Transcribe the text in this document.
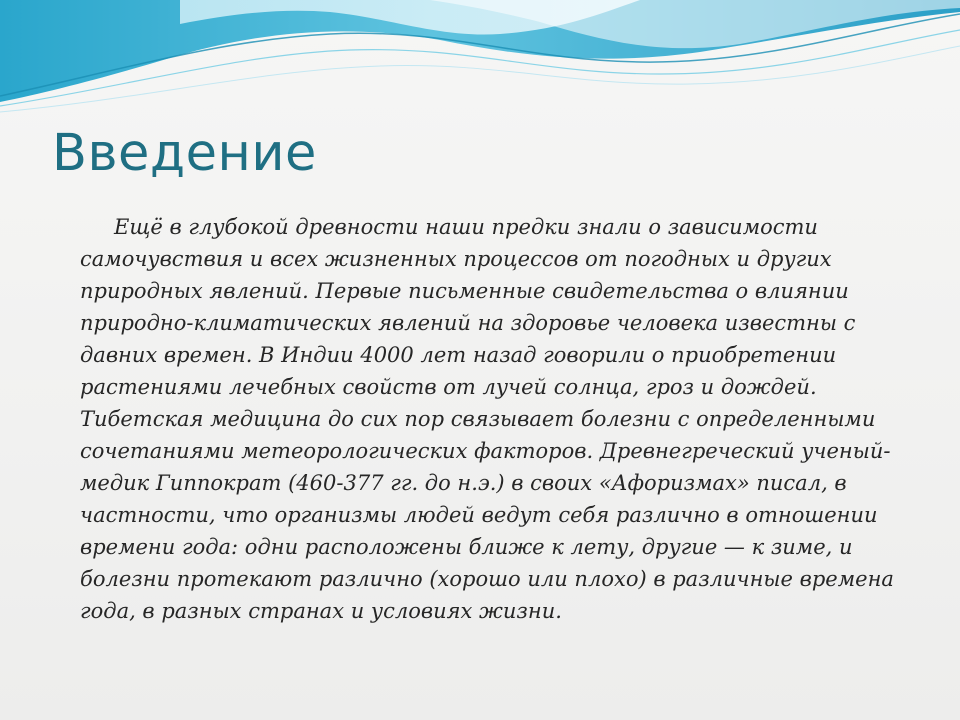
Введение

Ещё в глубокой древности наши предки знали о зависимости самочувствия и всех жизненных процессов от погодных и других природных явлений. Первые письменные свидетельства о влиянии природно-климатических явлений на здоровье человека известны с давних времен. В Индии 4000 лет назад говорили о приобретении растениями лечебных свойств от лучей солнца, гроз и дождей. Тибетская медицина до сих пор связывает болезни с определенными сочетаниями метеорологических факторов. Древнегреческий ученый-медик Гиппократ (460-377 гг. до н.э.) в своих «Афоризмах» писал, в частности, что организмы людей ведут себя различно в отношении времени года: одни расположены ближе к лету, другие — к зиме, и болезни протекают различно (хорошо или плохо) в различные времена года, в разных странах и условиях жизни.
